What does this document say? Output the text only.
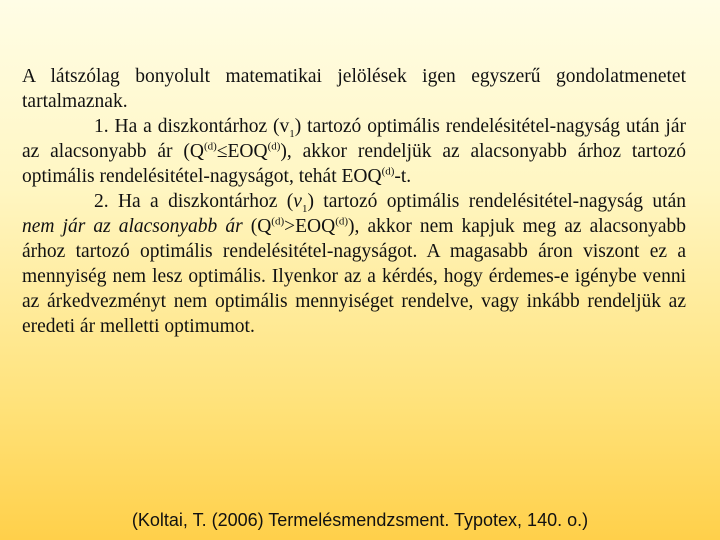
A látszólag bonyolult matematikai jelölések igen egyszerű gondolatmenetet tartalmaznak.

1. Ha a diszkontárhoz $(v_1)$ tartozó optimális rendelésitétel-nagyság után jár az alacsonyabb ár $(Q^{(d)}\le EOQ^{(d)})$, akkor rendeljük az alacsonyabb árhoz tartozó optimális rendelésitétel-nagyságot, tehát EOQ$^{(d)}$-t.

2. Ha a diszkontárhoz $(v_1)$ tartozó optimális rendelésitétel-nagyság után nem jár az alacsonyabb ár $(Q^{(d)}>EOQ^{(d)})$, akkor nem kapjuk meg az alacsonyabb árhoz tartozó optimális rendelésitétel-nagyságot. A magasabb áron viszont ez a mennyiség nem lesz optimális. Ilyenkor az a kérdés, hogy érdemes-e igénybe venni az árkedvezményt nem optimális mennyiséget rendelve, vagy inkább rendeljük az eredeti ár melletti optimumot.

(Koltai, T. (2006) Termelésmendzsment. Typotex, 140. o.)
